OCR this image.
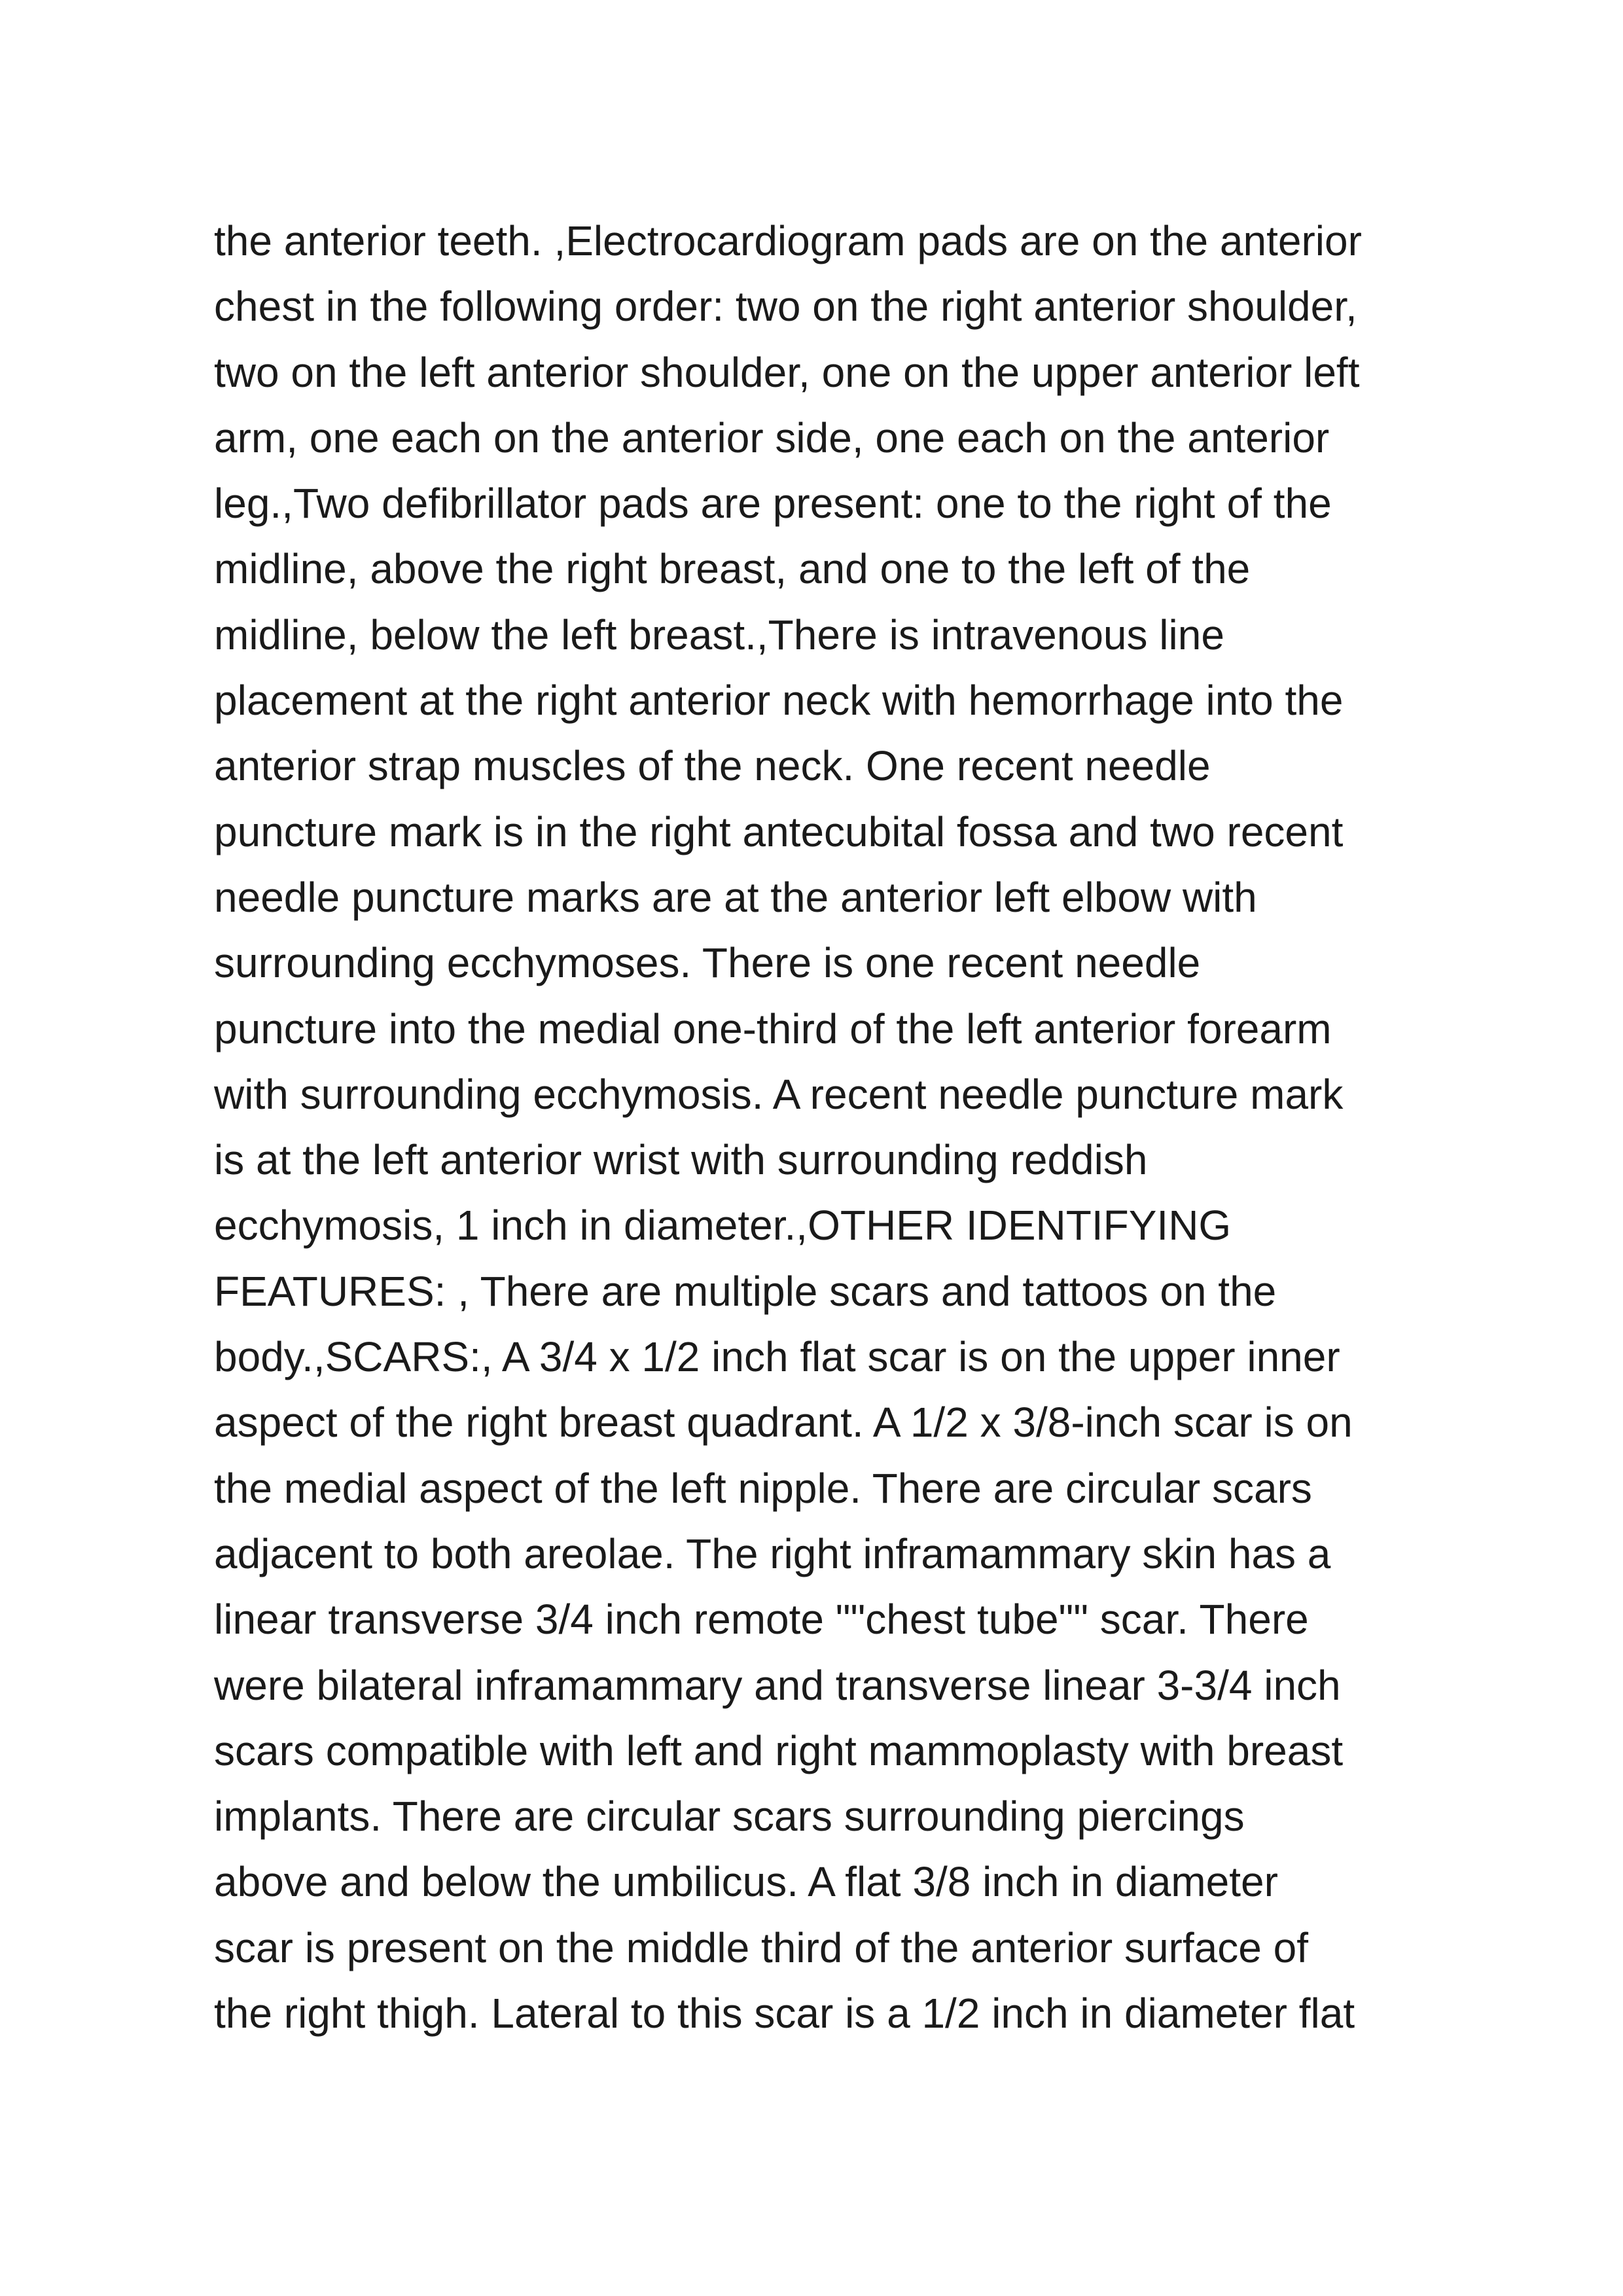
the anterior teeth. ,Electrocardiogram pads are on the anterior
chest in the following order: two on the right anterior shoulder,
two on the left anterior shoulder, one on the upper anterior left
arm, one each on the anterior side, one each on the anterior
leg.,Two defibrillator pads are present: one to the right of the
midline, above the right breast, and one to the left of the
midline, below the left breast.,There is intravenous line
placement at the right anterior neck with hemorrhage into the
anterior strap muscles of the neck. One recent needle
puncture mark is in the right antecubital fossa and two recent
needle puncture marks are at the anterior left elbow with
surrounding ecchymoses. There is one recent needle
puncture into the medial one-third of the left anterior forearm
with surrounding ecchymosis. A recent needle puncture mark
is at the left anterior wrist with surrounding reddish
ecchymosis, 1 inch in diameter.,OTHER IDENTIFYING
FEATURES: , There are multiple scars and tattoos on the
body.,SCARS:, A 3/4 x 1/2 inch flat scar is on the upper inner
aspect of the right breast quadrant. A 1/2 x 3/8-inch scar is on
the medial aspect of the left nipple. There are circular scars
adjacent to both areolae. The right inframammary skin has a
linear transverse 3/4 inch remote ""chest tube"" scar. There
were bilateral inframammary and transverse linear 3-3/4 inch
scars compatible with left and right mammoplasty with breast
implants. There are circular scars surrounding piercings
above and below the umbilicus. A flat 3/8 inch in diameter
scar is present on the middle third of the anterior surface of
the right thigh. Lateral to this scar is a 1/2 inch in diameter flat
